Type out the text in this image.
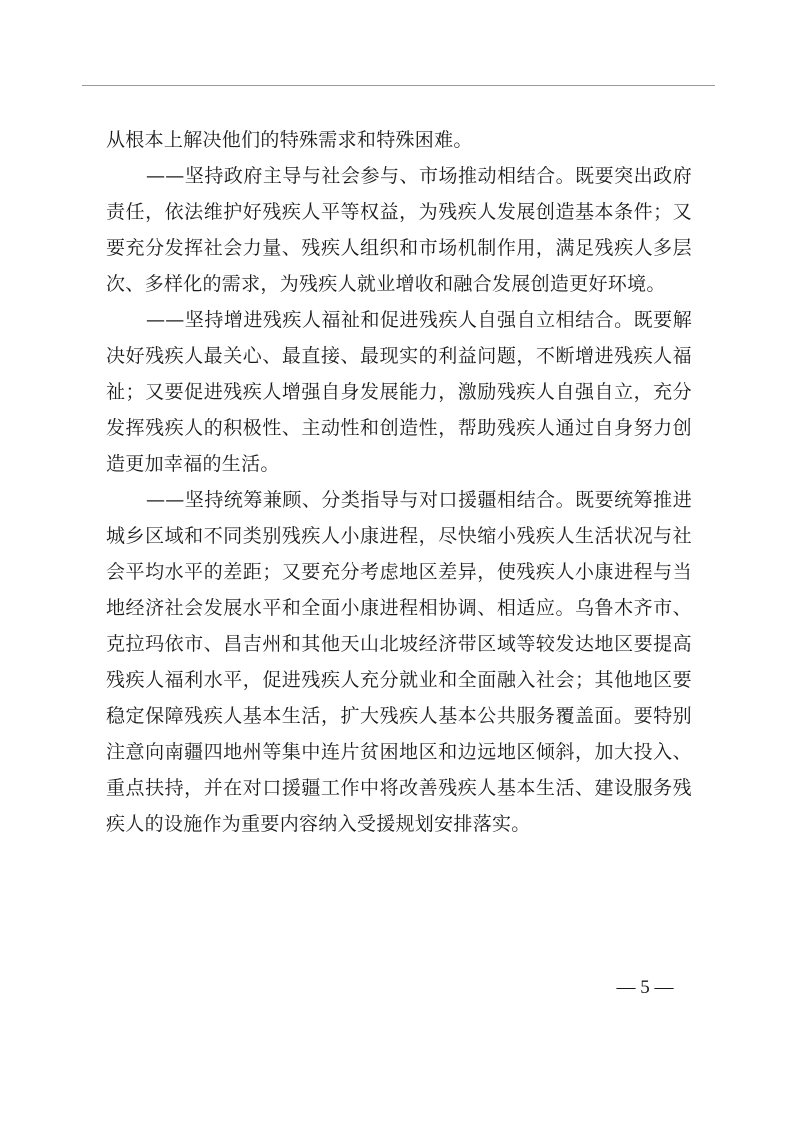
从根本上解决他们的特殊需求和特殊困难。

——坚持政府主导与社会参与、市场推动相结合。既要突出政府责任，依法维护好残疾人平等权益，为残疾人发展创造基本条件；又要充分发挥社会力量、残疾人组织和市场机制作用，满足残疾人多层次、多样化的需求，为残疾人就业增收和融合发展创造更好环境。

——坚持增进残疾人福祉和促进残疾人自强自立相结合。既要解决好残疾人最关心、最直接、最现实的利益问题，不断增进残疾人福祉；又要促进残疾人增强自身发展能力，激励残疾人自强自立，充分发挥残疾人的积极性、主动性和创造性，帮助残疾人通过自身努力创造更加幸福的生活。

——坚持统筹兼顾、分类指导与对口援疆相结合。既要统筹推进城乡区域和不同类别残疾人小康进程，尽快缩小残疾人生活状况与社会平均水平的差距；又要充分考虑地区差异，使残疾人小康进程与当地经济社会发展水平和全面小康进程相协调、相适应。乌鲁木齐市、克拉玛依市、昌吉州和其他天山北坡经济带区域等较发达地区要提高残疾人福利水平，促进残疾人充分就业和全面融入社会；其他地区要稳定保障残疾人基本生活，扩大残疾人基本公共服务覆盖面。要特别注意向南疆四地州等集中连片贫困地区和边远地区倾斜，加大投入、重点扶持，并在对口援疆工作中将改善残疾人基本生活、建设服务残疾人的设施作为重要内容纳入受援规划安排落实。

— 5 —
